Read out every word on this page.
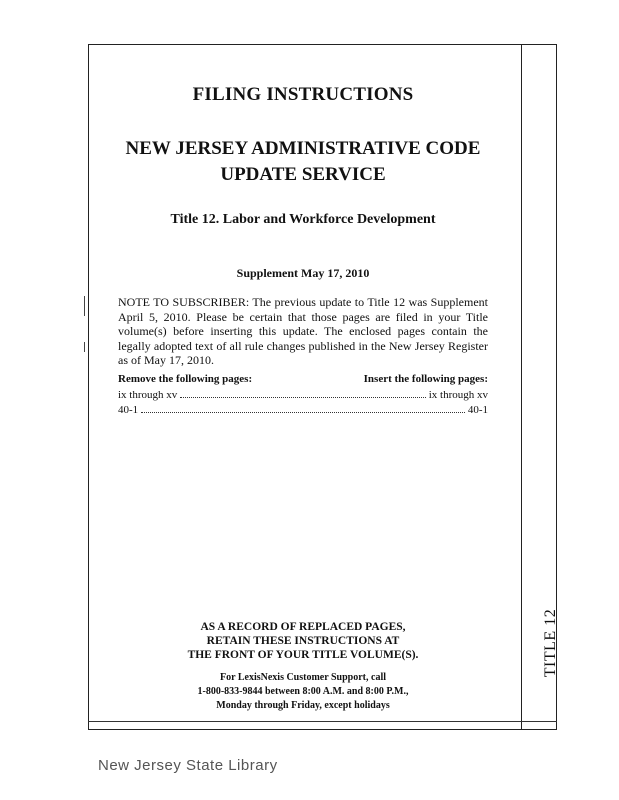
FILING INSTRUCTIONS
NEW JERSEY ADMINISTRATIVE CODE
UPDATE SERVICE
Title 12. Labor and Workforce Development
Supplement May 17, 2010
NOTE TO SUBSCRIBER: The previous update to Title 12 was Supplement April 5, 2010. Please be certain that those pages are filed in your Title volume(s) before inserting this update. The enclosed pages contain the legally adopted text of all rule changes published in the New Jersey Register as of May 17, 2010.
Remove the following pages:	Insert the following pages:
ix through xv	ix through xv
40-1	40-1
AS A RECORD OF REPLACED PAGES,
RETAIN THESE INSTRUCTIONS AT
THE FRONT OF YOUR TITLE VOLUME(S).
For LexisNexis Customer Support, call
1-800-833-9844 between 8:00 A.M. and 8:00 P.M.,
Monday through Friday, except holidays
TITLE 12
New Jersey State Library
